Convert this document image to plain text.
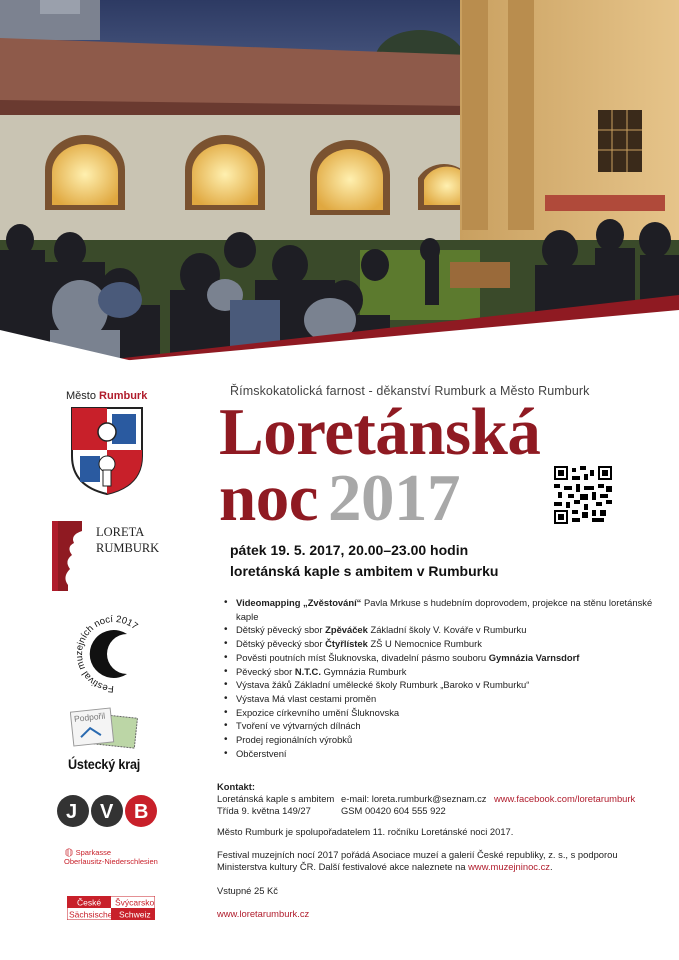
Město Rumburk
LORETA
RUMBURK
Festival muzejních nocí 2017
Podpořil
Ústecký kraj
J V B
🔴︎ Sparkasse
Oberlausitz-Niederschlesien
České Švýcarsko
Sächsische Schweiz
Římskokatolická farnost - děkanství Rumburk a Město Rumburk
Loretánská
noc 2017
pátek 19. 5. 2017, 20.00–23.00 hodin
loretánská kaple s ambitem v Rumburku
• Videomapping „Zvěstování“ Pavla Mrkuse s hudebním doprovodem, projekce na stěnu loretánské kaple
• Dětský pěvecký sbor Zpěváček Základní školy V. Kováře v Rumburku
• Dětský pěvecký sbor Čtyřlístek ZŠ U Nemocnice Rumburk
• Pověsti poutních míst Šluknovska, divadelní pásmo souboru Gymnázia Varnsdorf
• Pěvecký sbor N.T.C. Gymnázia Rumburk
• Výstava žáků Základní umělecké školy Rumburk „Baroko v Rumburku“
• Výstava Má vlast cestami proměn
• Expozice církevního umění Šluknovska
• Tvoření ve výtvarných dílnách
• Prodej regionálních výrobků
• Občerstvení
Kontakt:
Loretánská kaple s ambitem
Třída 9. května 149/27
e-mail: loreta.rumburk@seznam.cz
GSM 00420 604 555 922
www.facebook.com/loretarumburk
Město Rumburk je spolupořadatelem 11. ročníku Loretánské noci 2017.
Festival muzejních nocí 2017 pořádá Asociace muzeí a galerií České republiky, z. s., s podporou
Ministerstva kultury ČR. Další festivalové akce naleznete na www.muzejninoc.cz.
Vstupné 25 Kč
www.loretarumburk.cz
